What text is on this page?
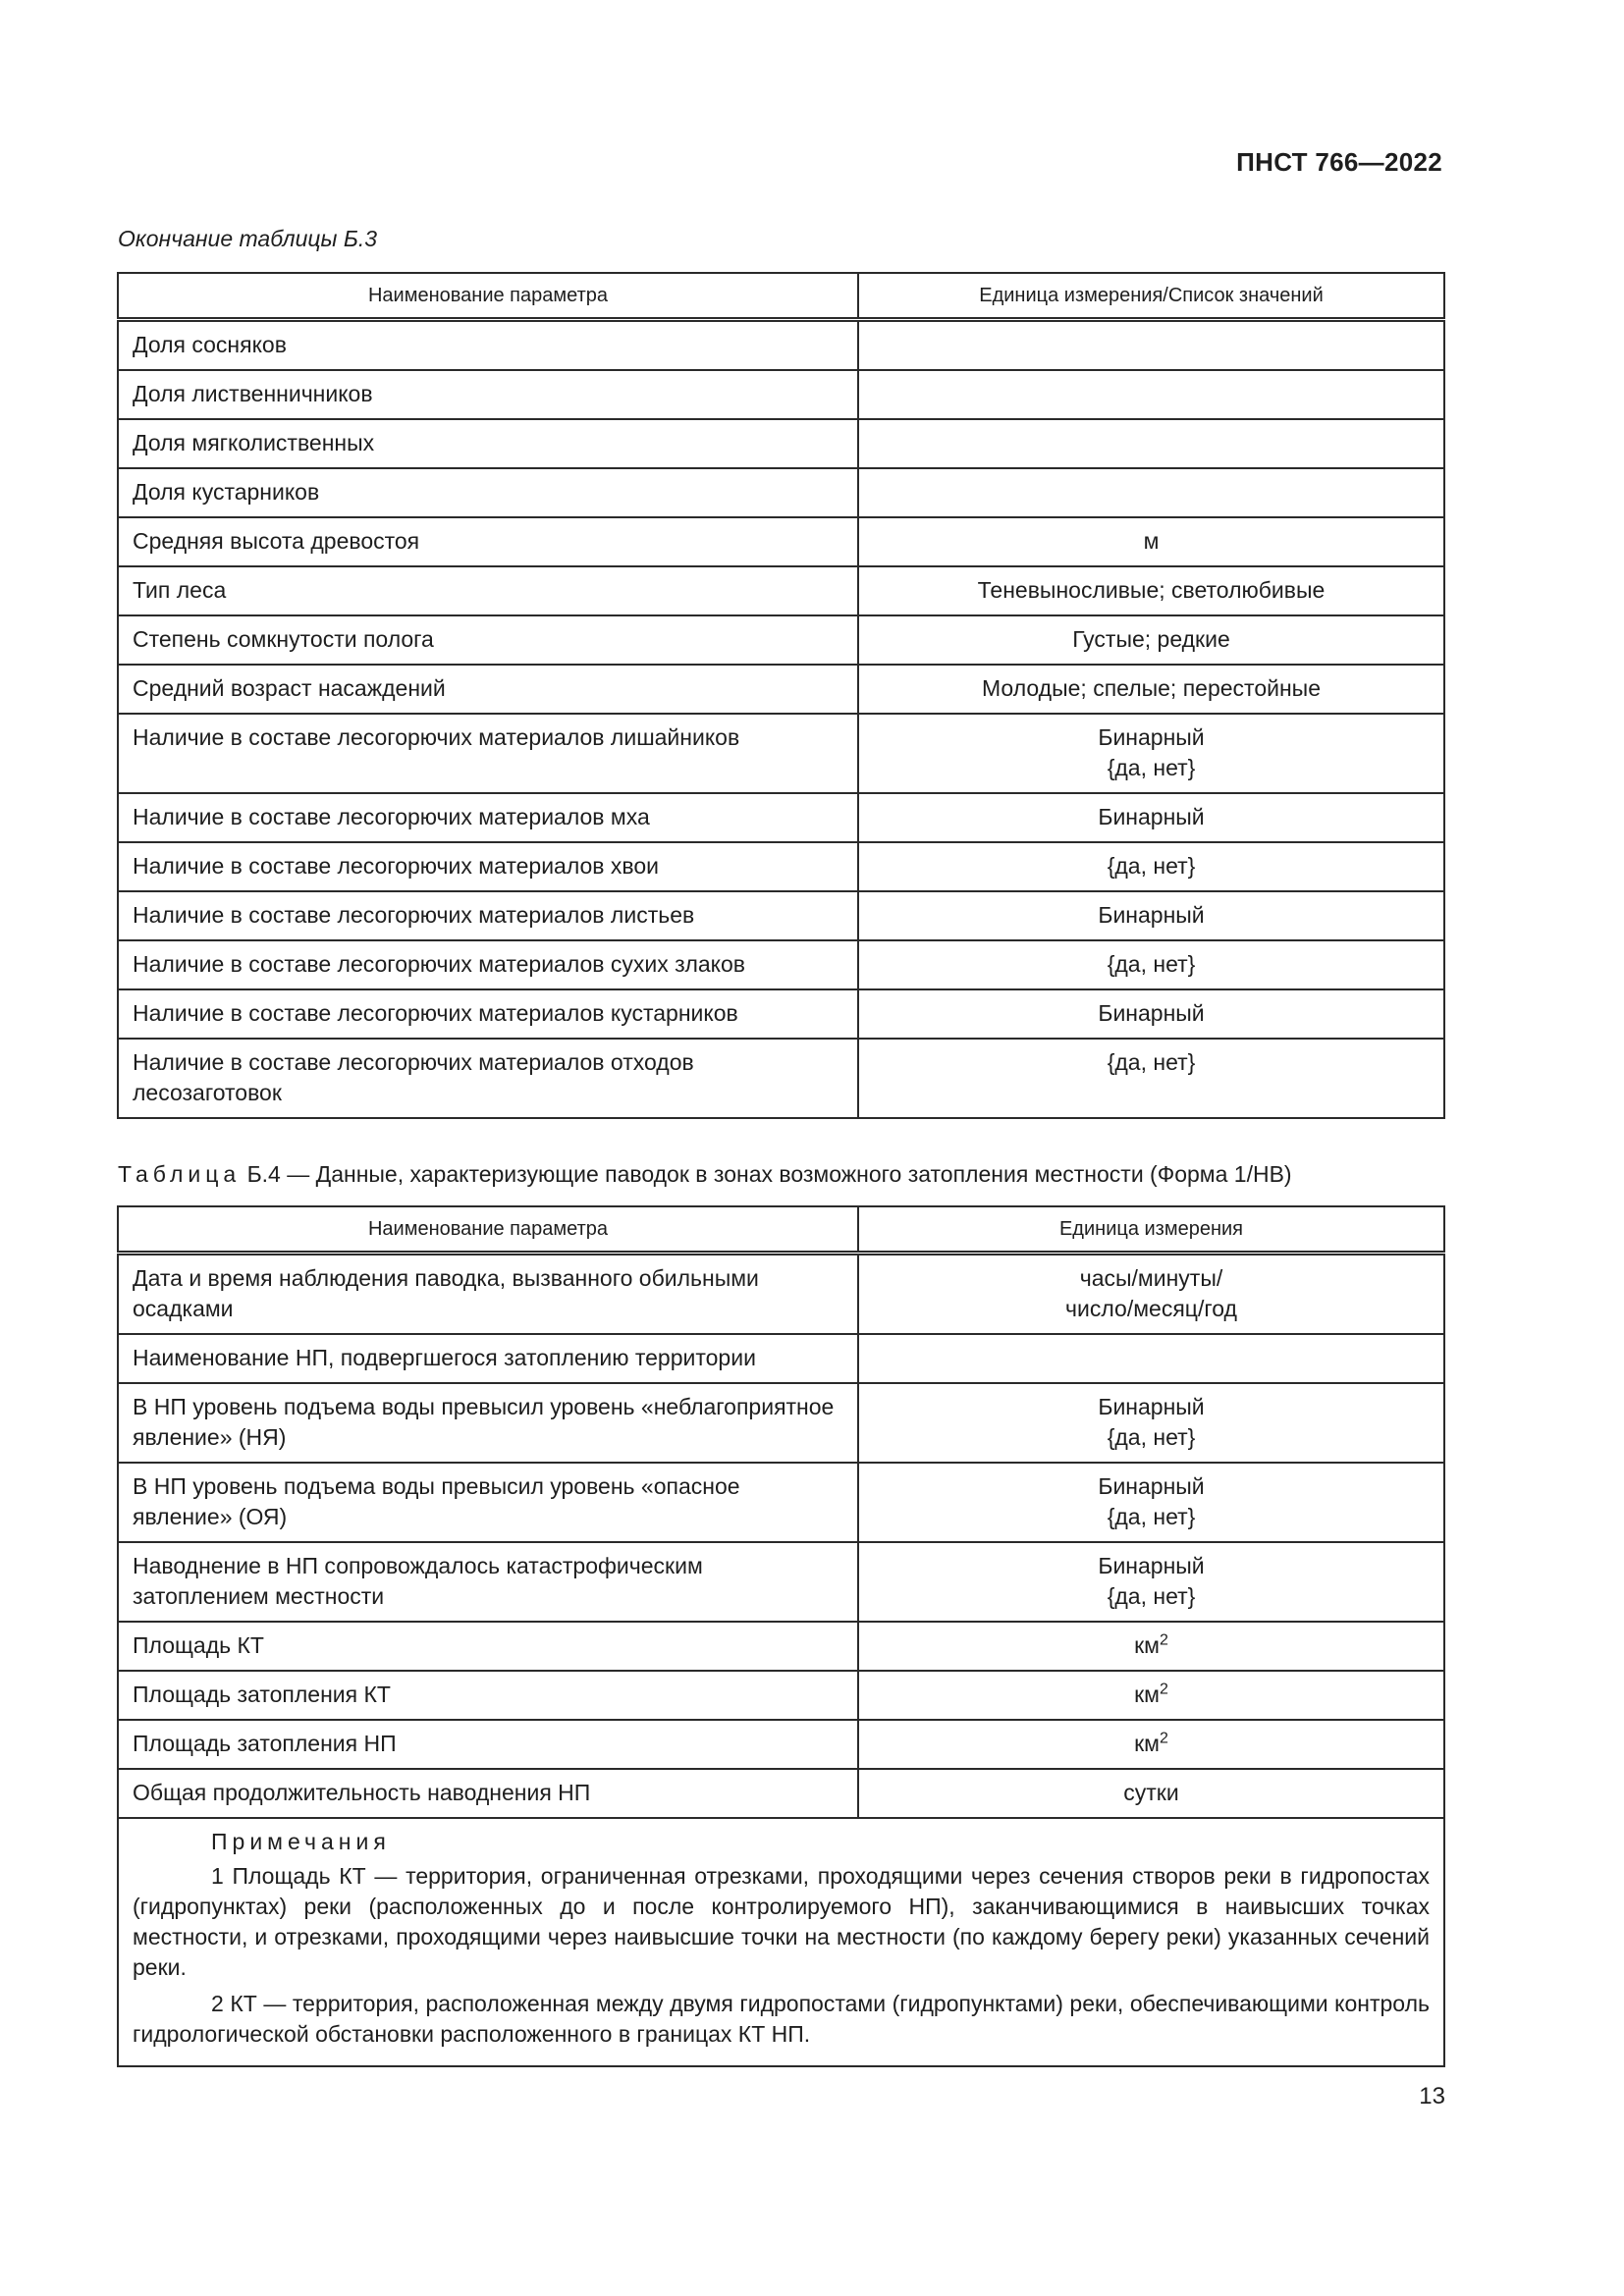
ПНСТ 766—2022
Окончание таблицы Б.3
Наименование параметра	Единица измерения/Список значений
Доля сосняков	
Доля лиственничников	
Доля мягколиственных	
Доля кустарников	
Средняя высота древостоя	м
Тип леса	Теневыносливые; светолюбивые
Степень сомкнутости полога	Густые; редкие
Средний возраст насаждений	Молодые; спелые; перестойные
Наличие в составе лесогорючих материалов лишайников	Бинарный
{да, нет}

Наличие в составе лесогорючих материалов мха	Бинарный
Наличие в составе лесогорючих материалов хвои	{да, нет}
Наличие в составе лесогорючих материалов листьев	Бинарный
Наличие в составе лесогорючих материалов сухих злаков	{да, нет}
Наличие в составе лесогорючих материалов кустарников	Бинарный
Наличие в составе лесогорючих материалов отходов лесозаготовок	{да, нет}
Таблица Б.4 — Данные, характеризующие паводок в зонах возможного затопления местности (Форма 1/НВ)
Наименование параметра	Единица измерения
Дата и время наблюдения паводка, вызванного обильными осадками	часы/минуты/
число/месяц/год

Наименование НП, подвергшегося затоплению территории	
В НП уровень подъема воды превысил уровень «неблагоприятное явление» (НЯ)	Бинарный
{да, нет}

В НП уровень подъема воды превысил уровень «опасное явление» (ОЯ)	Бинарный
{да, нет}

Наводнение в НП сопровождалось катастрофическим затоплением местности	Бинарный
{да, нет}

Площадь КТ	$км^2$
Площадь затопления КТ	$км^2$
Площадь затопления НП	$км^2$
Общая продолжительность наводнения НП	сутки

Примечания
1 Площадь КТ — территория, ограниченная отрезками, проходящими через сечения створов реки в гидропостах (гидропунктах) реки (расположенных до и после контролируемого НП), заканчивающимися в наивысших точках местности, и отрезками, проходящими через наивысшие точки на местности (по каждому берегу реки) указанных сечений реки.
2 КТ — территория, расположенная между двумя гидропостами (гидропунктами) реки, обеспечивающими контроль гидрологической обстановки расположенного в границах КТ НП.	
13
